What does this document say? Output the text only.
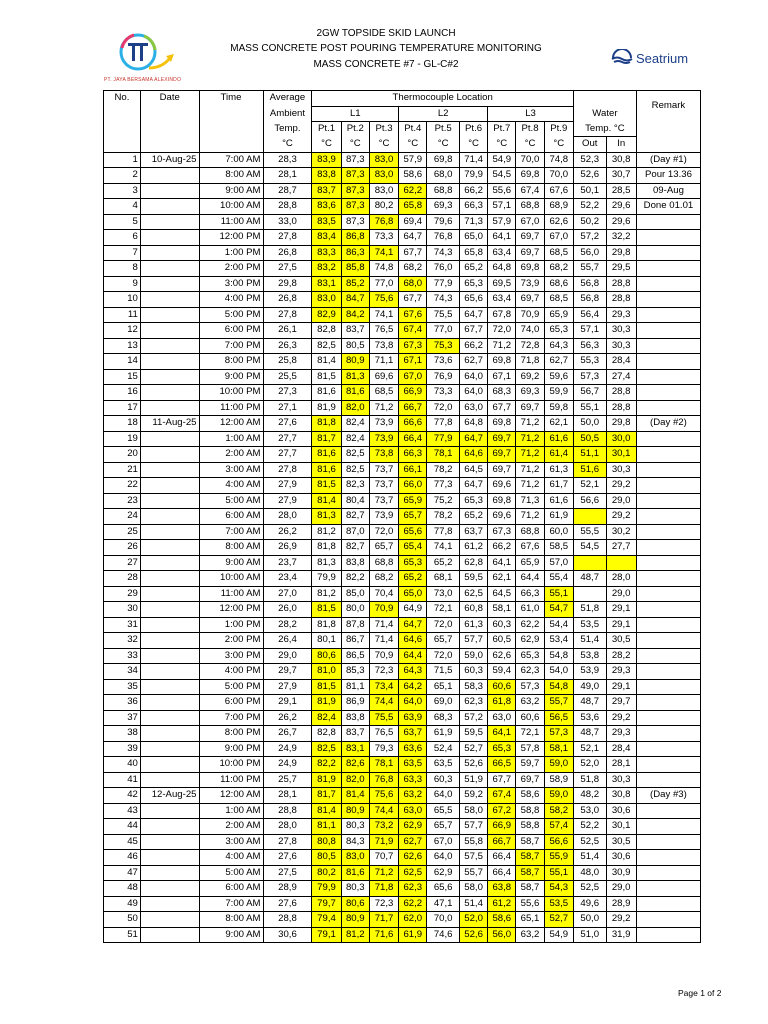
PT. JAYA BERSAMA ALEXINDO
2GW TOPSIDE SKID LAUNCH
MASS CONCRETE POST POURING TEMPERATURE MONITORING
MASS CONCRETE #7 - GL-C#2	Seatrium
No.	Date	Time	Average	Thermocouple Location											Remark
			Ambient	L1			L2			L3			Water		
			Temp.	Pt.1	Pt.2	Pt.3	Pt.4	Pt.5	Pt.6	Pt.7	Pt.8	Pt.9	Temp. °C		
			°C	°C	°C	°C	°C	°C	°C	°C	°C	°C	Out	In	
1	10-Aug-25	7:00 AM	28,3	83,9	87,3	83,0	57,9	69,8	71,4	54,9	70,0	74,8	52,3	30,8	(Day #1)
2		8:00 AM	28,1	83,8	87,3	83,0	58,6	68,0	79,9	54,5	69,8	70,0	52,6	30,7	Pour 13.36
3		9:00 AM	28,7	83,7	87,3	83,0	62,2	68,8	66,2	55,6	67,4	67,6	50,1	28,5	09-Aug
4		10:00 AM	28,8	83,6	87,3	80,2	65,8	69,3	66,3	57,1	68,8	68,9	52,2	29,6	Done 01.01
5		11:00 AM	33,0	83,5	87,3	76,8	69,4	79,6	71,3	57,9	67,0	62,6	50,2	29,6	
6		12:00 PM	27,8	83,4	86,8	73,3	64,7	76,8	65,0	64,1	69,7	67,0	57,2	32,2	
7		1:00 PM	26,8	83,3	86,3	74,1	67,7	74,3	65,8	63,4	69,7	68,5	56,0	29,8	
8		2:00 PM	27,5	83,2	85,8	74,8	68,2	76,0	65,2	64,8	69,8	68,2	55,7	29,5	
9		3:00 PM	29,8	83,1	85,2	77,0	68,0	77,9	65,3	69,5	73,9	68,6	56,8	28,8	
10		4:00 PM	26,8	83,0	84,7	75,6	67,7	74,3	65,6	63,4	69,7	68,5	56,8	28,8	
11		5:00 PM	27,8	82,9	84,2	74,1	67,6	75,5	64,7	67,8	70,9	65,9	56,4	29,3	
12		6:00 PM	26,1	82,8	83,7	76,5	67,4	77,0	67,7	72,0	74,0	65,3	57,1	30,3	
13		7:00 PM	26,3	82,5	80,5	73,8	67,3	75,3	66,2	71,2	72,8	64,3	56,3	30,3	
14		8:00 PM	25,8	81,4	80,9	71,1	67,1	73,6	62,7	69,8	71,8	62,7	55,3	28,4	
15		9:00 PM	25,5	81,5	81,3	69,6	67,0	76,9	64,0	67,1	69,2	59,6	57,3	27,4	
16		10:00 PM	27,3	81,6	81,6	68,5	66,9	73,3	64,0	68,3	69,3	59,9	56,7	28,8	
17		11:00 PM	27,1	81,9	82,0	71,2	66,7	72,0	63,0	67,7	69,7	59,8	55,1	28,8	
18	11-Aug-25	12:00 AM	27,6	81,8	82,4	73,9	66,6	77,8	64,8	69,8	71,2	62,1	50,0	29,8	(Day #2)
19		1:00 AM	27,7	81,7	82,4	73,9	66,4	77,9	64,7	69,7	71,2	61,6	50,5	30,0	
20		2:00 AM	27,7	81,6	82,5	73,8	66,3	78,1	64,6	69,7	71,2	61,4	51,1	30,1	
21		3:00 AM	27,8	81,6	82,5	73,7	66,1	78,2	64,5	69,7	71,2	61,3	51,6	30,3	
22		4:00 AM	27,9	81,5	82,3	73,7	66,0	77,3	64,7	69,6	71,2	61,7	52,1	29,2	
23		5:00 AM	27,9	81,4	80,4	73,7	65,9	75,2	65,3	69,8	71,3	61,6	56,6	29,0	
24		6:00 AM	28,0	81,3	82,7	73,9	65,7	78,2	65,2	69,6	71,2	61,9		29,2	
25		7:00 AM	26,2	81,2	87,0	72,0	65,6	77,8	63,7	67,3	68,8	60,0	55,5	30,2	
26		8:00 AM	26,9	81,8	82,7	65,7	65,4	74,1	61,2	66,2	67,6	58,5	54,5	27,7	
27		9:00 AM	23,7	81,3	83,8	68,8	65,3	65,2	62,8	64,1	65,9	57,0			
28		10:00 AM	23,4	79,9	82,2	68,2	65,2	68,1	59,5	62,1	64,4	55,4	48,7	28,0	
29		11:00 AM	27,0	81,2	85,0	70,4	65,0	73,0	62,5	64,5	66,3	55,1		29,0	
30		12:00 PM	26,0	81,5	80,0	70,9	64,9	72,1	60,8	58,1	61,0	54,7	51,8	29,1	
31		1:00 PM	28,2	81,8	87,8	71,4	64,7	72,0	61,3	60,3	62,2	54,4	53,5	29,1	
32		2:00 PM	26,4	80,1	86,7	71,4	64,6	65,7	57,7	60,5	62,9	53,4	51,4	30,5	
33		3:00 PM	29,0	80,6	86,5	70,9	64,4	72,0	59,0	62,6	65,3	54,8	53,8	28,2	
34		4:00 PM	29,7	81,0	85,3	72,3	64,3	71,5	60,3	59,4	62,3	54,0	53,9	29,3	
35		5:00 PM	27,9	81,5	81,1	73,4	64,2	65,1	58,3	60,6	57,3	54,8	49,0	29,1	
36		6:00 PM	29,1	81,9	86,9	74,4	64,0	69,0	62,3	61,8	63,2	55,7	48,7	29,7	
37		7:00 PM	26,2	82,4	83,8	75,5	63,9	68,3	57,2	63,0	60,6	56,5	53,6	29,2	
38		8:00 PM	26,7	82,8	83,7	76,5	63,7	61,9	59,5	64,1	72,1	57,3	48,7	29,3	
39		9:00 PM	24,9	82,5	83,1	79,3	63,6	52,4	52,7	65,3	57,8	58,1	52,1	28,4	
40		10:00 PM	24,9	82,2	82,6	78,1	63,5	63,5	52,6	66,5	59,7	59,0	52,0	28,1	
41		11:00 PM	25,7	81,9	82,0	76,8	63,3	60,3	51,9	67,7	69,7	58,9	51,8	30,3	
42	12-Aug-25	12:00 AM	28,1	81,7	81,4	75,6	63,2	64,0	59,2	67,4	58,6	59,0	48,2	30,8	(Day #3)
43		1:00 AM	28,8	81,4	80,9	74,4	63,0	65,5	58,0	67,2	58,8	58,2	53,0	30,6	
44		2:00 AM	28,0	81,1	80,3	73,2	62,9	65,7	57,7	66,9	58,8	57,4	52,2	30,1	
45		3:00 AM	27,8	80,8	84,3	71,9	62,7	67,0	55,8	66,7	58,7	56,6	52,5	30,5	
46		4:00 AM	27,6	80,5	83,0	70,7	62,6	64,0	57,5	66,4	58,7	55,9	51,4	30,6	
47		5:00 AM	27,5	80,2	81,6	71,2	62,5	62,9	55,7	66,4	58,7	55,1	48,0	30,9	
48		6:00 AM	28,9	79,9	80,3	71,8	62,3	65,6	58,0	63,8	58,7	54,3	52,5	29,0	
49		7:00 AM	27,6	79,7	80,6	72,3	62,2	47,1	51,4	61,2	55,6	53,5	49,6	28,9	
50		8:00 AM	28,8	79,4	80,9	71,7	62,0	70,0	52,0	58,6	65,1	52,7	50,0	29,2	
51		9:00 AM	30,6	79,1	81,2	71,6	61,9	74,6	52,6	56,0	63,2	54,9	51,0	31,9	
Page 1 of 2
